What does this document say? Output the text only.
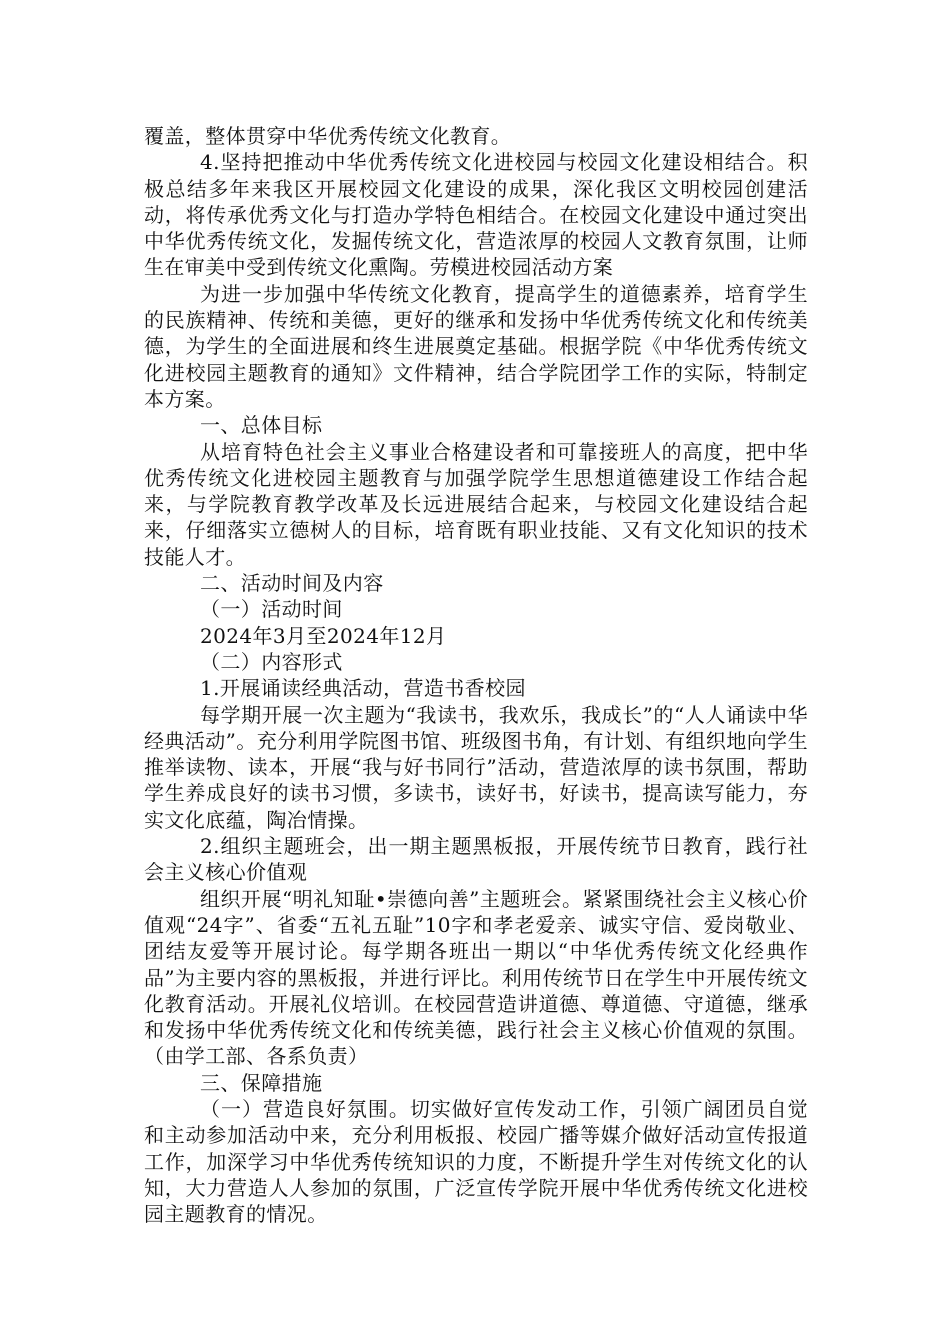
覆盖，整体贯穿中华优秀传统文化教育。

4.坚持把推动中华优秀传统文化进校园与校园文化建设相结合。积极总结多年来我区开展校园文化建设的成果，深化我区文明校园创建活动，将传承优秀文化与打造办学特色相结合。在校园文化建设中通过突出中华优秀传统文化，发掘传统文化，营造浓厚的校园人文教育氛围，让师生在审美中受到传统文化熏陶。劳模进校园活动方案

为进一步加强中华传统文化教育，提高学生的道德素养，培育学生的民族精神、传统和美德，更好的继承和发扬中华优秀传统文化和传统美德，为学生的全面进展和终生进展奠定基础。根据学院《中华优秀传统文化进校园主题教育的通知》文件精神，结合学院团学工作的实际，特制定本方案。

一、总体目标

从培育特色社会主义事业合格建设者和可靠接班人的高度，把中华优秀传统文化进校园主题教育与加强学院学生思想道德建设工作结合起来，与学院教育教学改革及长远进展结合起来，与校园文化建设结合起来，仔细落实立德树人的目标，培育既有职业技能、又有文化知识的技术技能人才。

二、活动时间及内容

（一）活动时间

2024年3月至2024年12月

（二）内容形式

1.开展诵读经典活动，营造书香校园

每学期开展一次主题为“我读书，我欢乐，我成长”的“人人诵读中华经典活动”。充分利用学院图书馆、班级图书角，有计划、有组织地向学生推举读物、读本，开展“我与好书同行”活动，营造浓厚的读书氛围，帮助学生养成良好的读书习惯，多读书，读好书，好读书，提高读写能力，夯实文化底蕴，陶冶情操。

2.组织主题班会，出一期主题黑板报，开展传统节日教育，践行社会主义核心价值观

组织开展“明礼知耻•崇德向善”主题班会。紧紧围绕社会主义核心价值观“24字”、省委“五礼五耻”10字和孝老爱亲、诚实守信、爱岗敬业、团结友爱等开展讨论。每学期各班出一期以“中华优秀传统文化经典作品”为主要内容的黑板报，并进行评比。利用传统节日在学生中开展传统文化教育活动。开展礼仪培训。在校园营造讲道德、尊道德、守道德，继承和发扬中华优秀传统文化和传统美德，践行社会主义核心价值观的氛围。（由学工部、各系负责）

三、保障措施

（一）营造良好氛围。切实做好宣传发动工作，引领广阔团员自觉和主动参加活动中来，充分利用板报、校园广播等媒介做好活动宣传报道工作，加深学习中华优秀传统知识的力度，不断提升学生对传统文化的认知，大力营造人人参加的氛围，广泛宣传学院开展中华优秀传统文化进校园主题教育的情况。
